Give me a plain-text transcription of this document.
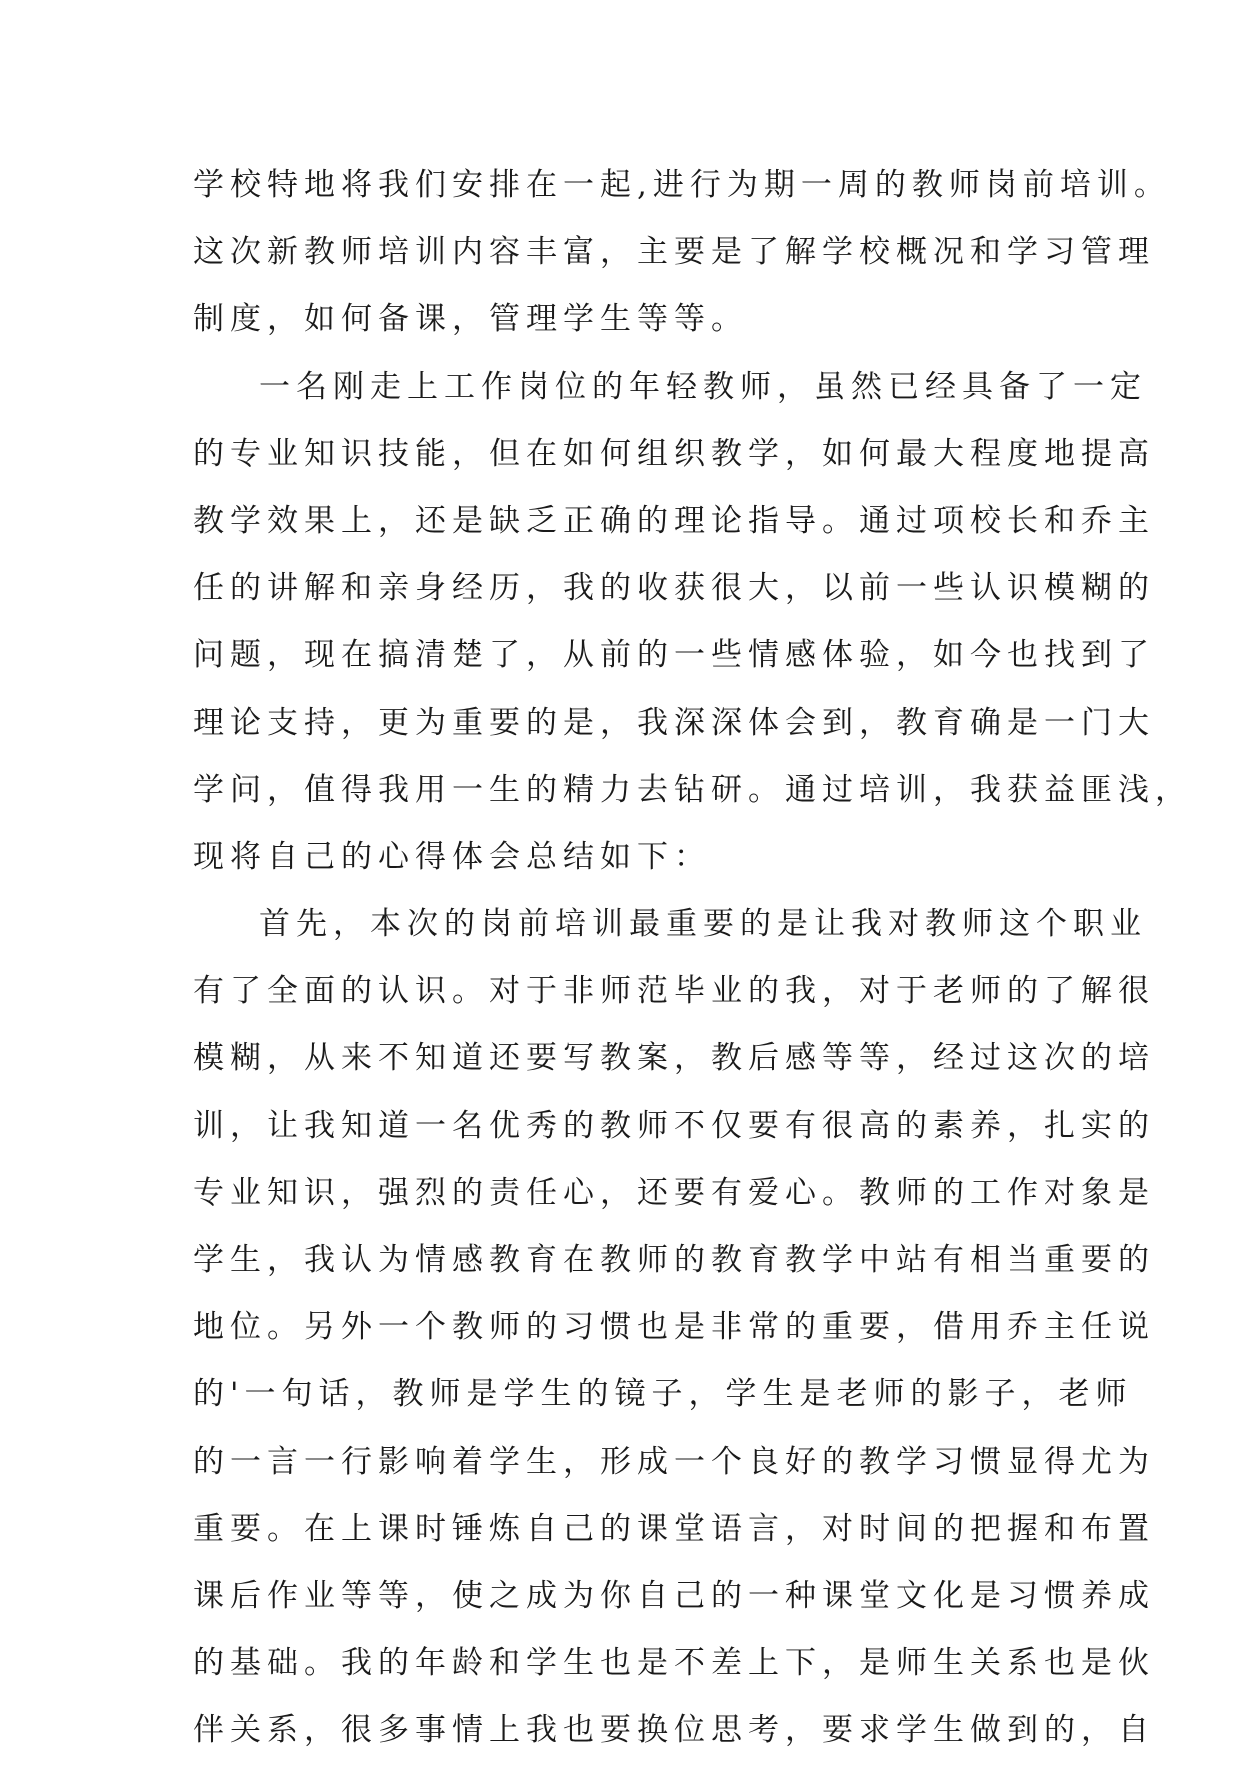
学校特地将我们安排在一起,进行为期一周的教师岗前培训。
这次新教师培训内容丰富，主要是了解学校概况和学习管理
制度，如何备课，管理学生等等。
一名刚走上工作岗位的年轻教师，虽然已经具备了一定
的专业知识技能，但在如何组织教学，如何最大程度地提高
教学效果上，还是缺乏正确的理论指导。通过项校长和乔主
任的讲解和亲身经历，我的收获很大，以前一些认识模糊的
问题，现在搞清楚了，从前的一些情感体验，如今也找到了
理论支持，更为重要的是，我深深体会到，教育确是一门大
学问，值得我用一生的精力去钻研。通过培训，我获益匪浅，
现将自己的心得体会总结如下：
首先，本次的岗前培训最重要的是让我对教师这个职业
有了全面的认识。对于非师范毕业的我，对于老师的了解很
模糊，从来不知道还要写教案，教后感等等，经过这次的培
训，让我知道一名优秀的教师不仅要有很高的素养，扎实的
专业知识，强烈的责任心，还要有爱心。教师的工作对象是
学生，我认为情感教育在教师的教育教学中站有相当重要的
地位。另外一个教师的习惯也是非常的重要，借用乔主任说
的'一句话，教师是学生的镜子，学生是老师的影子，老师
的一言一行影响着学生，形成一个良好的教学习惯显得尤为
重要。在上课时锤炼自己的课堂语言，对时间的把握和布置
课后作业等等，使之成为你自己的一种课堂文化是习惯养成
的基础。我的年龄和学生也是不差上下，是师生关系也是伙
伴关系，很多事情上我也要换位思考，要求学生做到的，自
